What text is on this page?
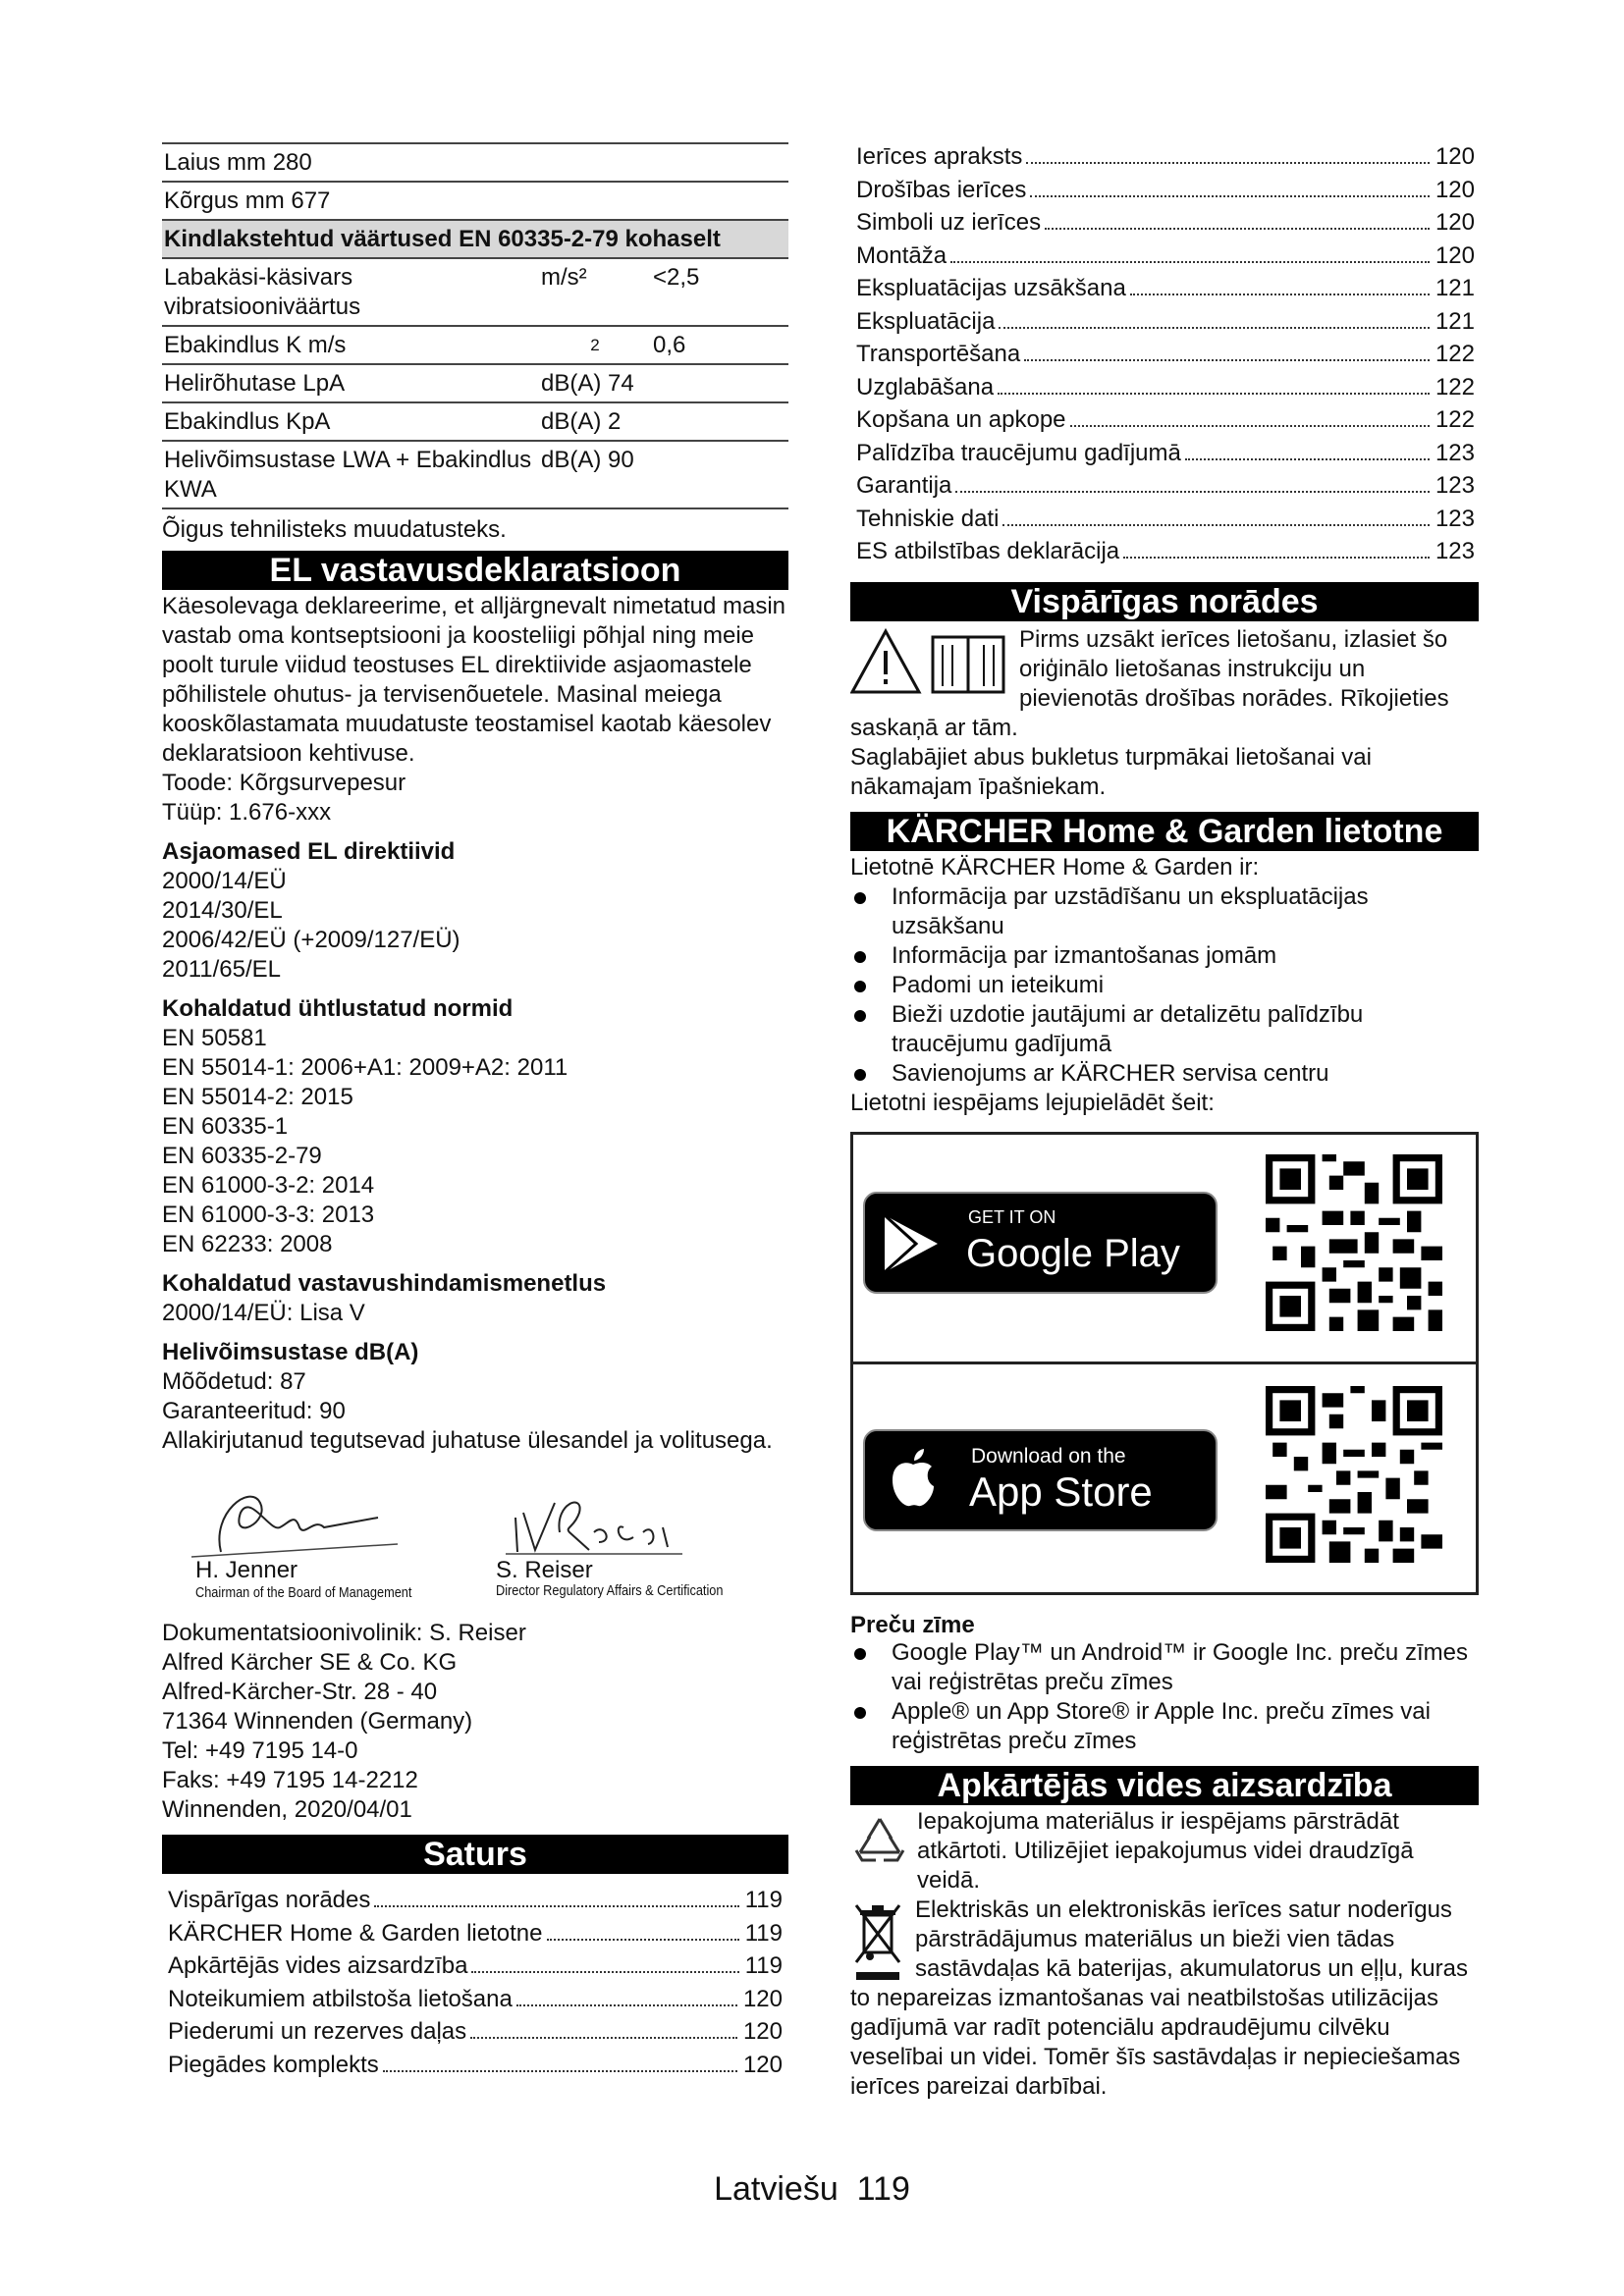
Laius mm 280		
Kõrgus mm 677		
Kindlakstehtud väärtused EN 60335-2-79 kohaselt		
Labakäsi-käsivars vibratsiooniväärtus	m/s²	<2,5
Ebakindlus K m/s	2	0,6
Helirõhutase LpA	dB(A) 74	
Ebakindlus KpA	dB(A) 2	
Helivõimsustase LWA + Ebakindlus KWA	dB(A) 90	

Õigus tehnilisteks muudatusteks.

EL vastavusdeklaratsioon

Käesolevaga deklareerime, et alljärgnevalt nimetatud masin vastab oma kontseptsiooni ja koosteliigi põhjal ning meie poolt turule viidud teostuses EL direktiivide asjaomastele põhilistele ohutus- ja tervisenõuetele. Masinal meiega kooskõlastamata muudatuste teostamisel kaotab käesolev deklaratsioon kehtivuse.

Toode: Kõrgsurvepesur

Tüüp: 1.676-xxx

Asjaomased EL direktiivid

2000/14/EÜ

2014/30/EL

2006/42/EÜ (+2009/127/EÜ)

2011/65/EL

Kohaldatud ühtlustatud normid

EN 50581

EN 55014-1: 2006+A1: 2009+A2: 2011

EN 55014-2: 2015

EN 60335-1

EN 60335-2-79

EN 61000-3-2: 2014

EN 61000-3-3: 2013

EN 62233: 2008

Kohaldatud vastavushindamismenetlus

2000/14/EÜ: Lisa V

Helivõimsustase dB(A)

Mõõdetud: 87

Garanteeritud: 90

Allakirjutanud tegutsevad juhatuse ülesandel ja volitusega.

H. Jenner
Chairman of the Board of Management
S. Reiser
Director Regulatory Affairs & Certification

Dokumentatsioonivolinik: S. Reiser

Alfred Kärcher SE & Co. KG

Alfred-Kärcher-Str. 28 - 40

71364 Winnenden (Germany)

Tel: +49 7195 14-0

Faks: +49 7195 14-2212

Winnenden, 2020/04/01

Saturs
Vispārīgas norādes	119
KÄRCHER Home & Garden lietotne	119
Apkārtējās vides aizsardzība	119
Noteikumiem atbilstoša lietošana	120
Piederumi un rezerves daļas	120
Piegādes komplekts	120
Ierīces apraksts	120
Drošības ierīces	120
Simboli uz ierīces	120
Montāža	120
Ekspluatācijas uzsākšana	121
Ekspluatācija	121
Transportēšana	122
Uzglabāšana	122
Kopšana un apkope	122
Palīdzība traucējumu gadījumā	123
Garantija	123
Tehniskie dati	123
ES atbilstības deklarācija	123
Vispārīgas norādes

Pirms uzsākt ierīces lietošanu, izlasiet šo oriģinālo lietošanas instrukciju un pievienotās drošības norādes. Rīkojieties saskaņā ar tām.

Saglabājiet abus bukletus turpmākai lietošanai vai nākamajam īpašniekam.

KÄRCHER Home & Garden lietotne

Lietotnē KÄRCHER Home & Garden ir:

Informācija par uzstādīšanu un ekspluatācijas uzsākšanu
Informācija par izmantošanas jomām
Padomi un ieteikumi
Bieži uzdotie jautājumi ar detalizētu palīdzību traucējumu gadījumā
Savienojums ar KÄRCHER servisa centru

Lietotni iespējams lejupielādēt šeit:

GET IT ON
Google Play
Download on the
App Store

Preču zīme

Google Play™ un Android™ ir Google Inc. preču zīmes vai reģistrētas preču zīmes
Apple® un App Store® ir Apple Inc. preču zīmes vai reģistrētas preču zīmes
Apkārtējās vides aizsardzība

Iepakojuma materiālus ir iespējams pārstrādāt atkārtoti. Utilizējiet iepakojumus videi draudzīgā veidā.

Elektriskās un elektroniskās ierīces satur noderīgus pārstrādājumus materiālus un bieži vien tādas sastāvdaļas kā baterijas, akumulatorus un eļļu, kuras to nepareizas izmantošanas vai neatbilstošas utilizācijas gadījumā var radīt potenciālu apdraudējumu cilvēku veselībai un videi. Tomēr šīs sastāvdaļas ir nepieciešamas ierīces pareizai darbībai.

Latviešu 119
